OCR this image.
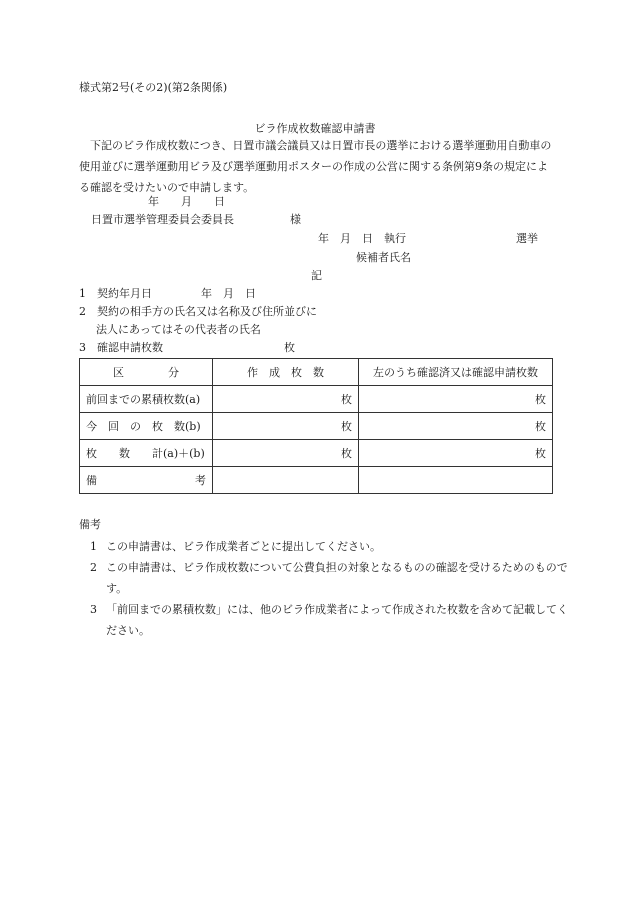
様式第2号(その2)(第2条関係)
ビラ作成枚数確認申請書
下記のビラ作成枚数につき、日置市議会議員又は日置市長の選挙における選挙運動用自動車の使用並びに選挙運動用ビラ及び選挙運動用ポスターの作成の公営に関する条例第9条の規定による確認を受けたいので申請します。
年　　月　　日
日置市選挙管理委員会委員長	様
年　月　日　執行	選挙
候補者氏名
記
1　契約年月日	年　月　日
2　契約の相手方の氏名又は名称及び住所並びに
法人にあってはその代表者の氏名
3　確認申請枚数	枚
区　　　　分	作　成　枚　数	左のうち確認済又は確認申請枚数
前回までの累積枚数(a)	枚	枚
今　回　の　枚　数(b)	枚	枚
枚　　数　　計(a)＋(b)	枚	枚
備 考		

備考
1 この申請書は、ビラ作成業者ごとに提出してください。
2 この申請書は、ビラ作成枚数について公費負担の対象となるものの確認を受けるためのものです。
3 「前回までの累積枚数」には、他のビラ作成業者によって作成された枚数を含めて記載してください。
